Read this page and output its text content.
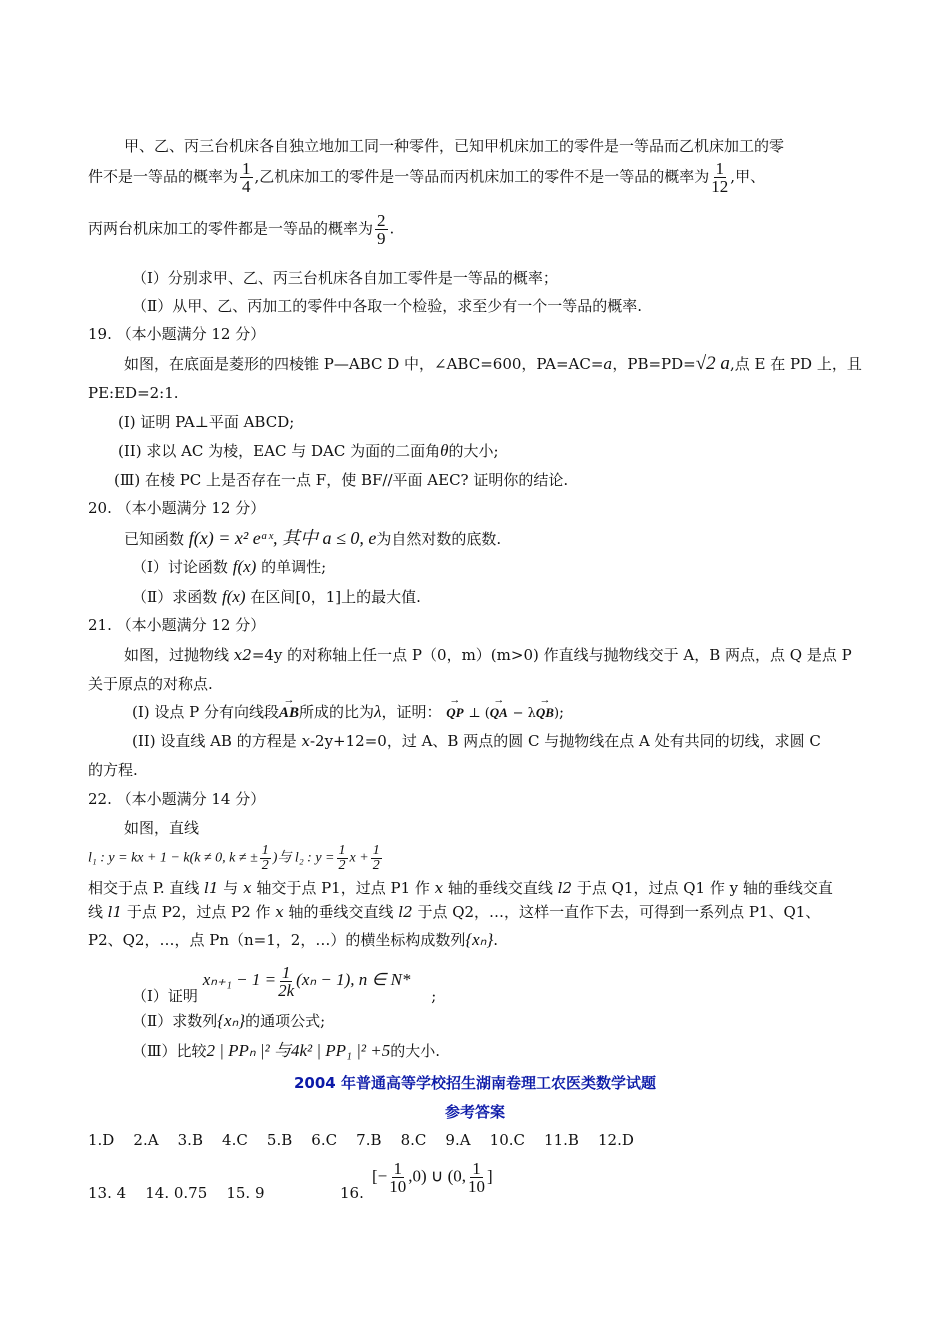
甲、乙、丙三台机床各自独立地加工同一种零件，已知甲机床加工的零件是一等品而乙机床加工的零
件不是一等品的概率为 $\frac{1}{4}$ ,乙机床加工的零件是一等品而丙机床加工的零件不是一等品的概率为 $\frac{1}{12}$ ,甲、
丙两台机床加工的零件都是一等品的概率为 $\frac{2}{9}$ .
（Ⅰ）分别求甲、乙、丙三台机床各自加工零件是一等品的概率；
（Ⅱ）从甲、乙、丙加工的零件中各取一个检验，求至少有一个一等品的概率.
19. （本小题满分 12 分）
如图，在底面是菱形的四棱锥 P—ABC D 中，∠ABC=600，PA=AC=a，PB=PD=√2 a,点 E 在 PD 上，且
PE:ED=2:1.
(I) 证明 PA⊥平面 ABCD;
(II) 求以 AC 为棱，EAC 与 DAC 为面的二面角θ的大小;
(Ⅲ) 在棱 PC 上是否存在一点 F，使 BF//平面 AEC? 证明你的结论.
20. （本小题满分 12 分）
已知函数 f(x) = x² eᵃˣ, 其中 a ≤ 0, e为自然对数的底数.
（Ⅰ）讨论函数 f(x) 的单调性;
（Ⅱ）求函数 f(x) 在区间[0，1]上的最大值.
21. （本小题满分 12 分）
如图，过抛物线 x2=4y 的对称轴上任一点 P（0，m）(m>0) 作直线与抛物线交于 A，B 两点，点 Q 是点 P
关于原点的对称点.
(I) 设点 P 分有向线段→ AB所成的比为λ，证明： → QP ⊥ (→ QA − λ→ QB);
(II) 设直线 AB 的方程是 x-2y+12=0，过 A、B 两点的圆 C 与抛物线在点 A 处有共同的切线，求圆 C
的方程.
22. （本小题满分 14 分）
如图，直线
l₁ : y = kx + 1 − k(k ≠ 0, k ≠ ± $\frac{1}{2}$ )与 l₂ : $y = \frac{1}{2}$ $x + \frac{1}{2}$
相交于点 P. 直线 l1 与 x 轴交于点 P1，过点 P1 作 x 轴的垂线交直线 l2 于点 Q1，过点 Q1 作 y 轴的垂线交直
线 l1 于点 P2，过点 P2 作 x 轴的垂线交直线 l2 于点 Q2，…，这样一直作下去，可得到一系列点 P1、Q1、
P2、Q2，…，点 Pn（n=1，2，…）的横坐标构成数列{xₙ}.
（Ⅰ）证明 $x_{n+1} - 1 = \frac{1}{2k} (x_n - 1)$, n ∈ N* ;
（Ⅱ）求数列{xₙ}的通项公式;
（Ⅲ）比较2 | PPₙ |² 与4k² | PP₁ |² +5的大小.
2004 年普通高等学校招生湖南卷理工农医类数学试题
参考答案
1.D    2.A    3.B    4.C    5.B    6.C    7.B    8.C    9.A    10.C    11.B    12.D
13. 4    14. 0.75    15. 9	16.
[− $\frac{1}{10} ,0$) ∪ (0, $\frac{1}{10}$ ]
